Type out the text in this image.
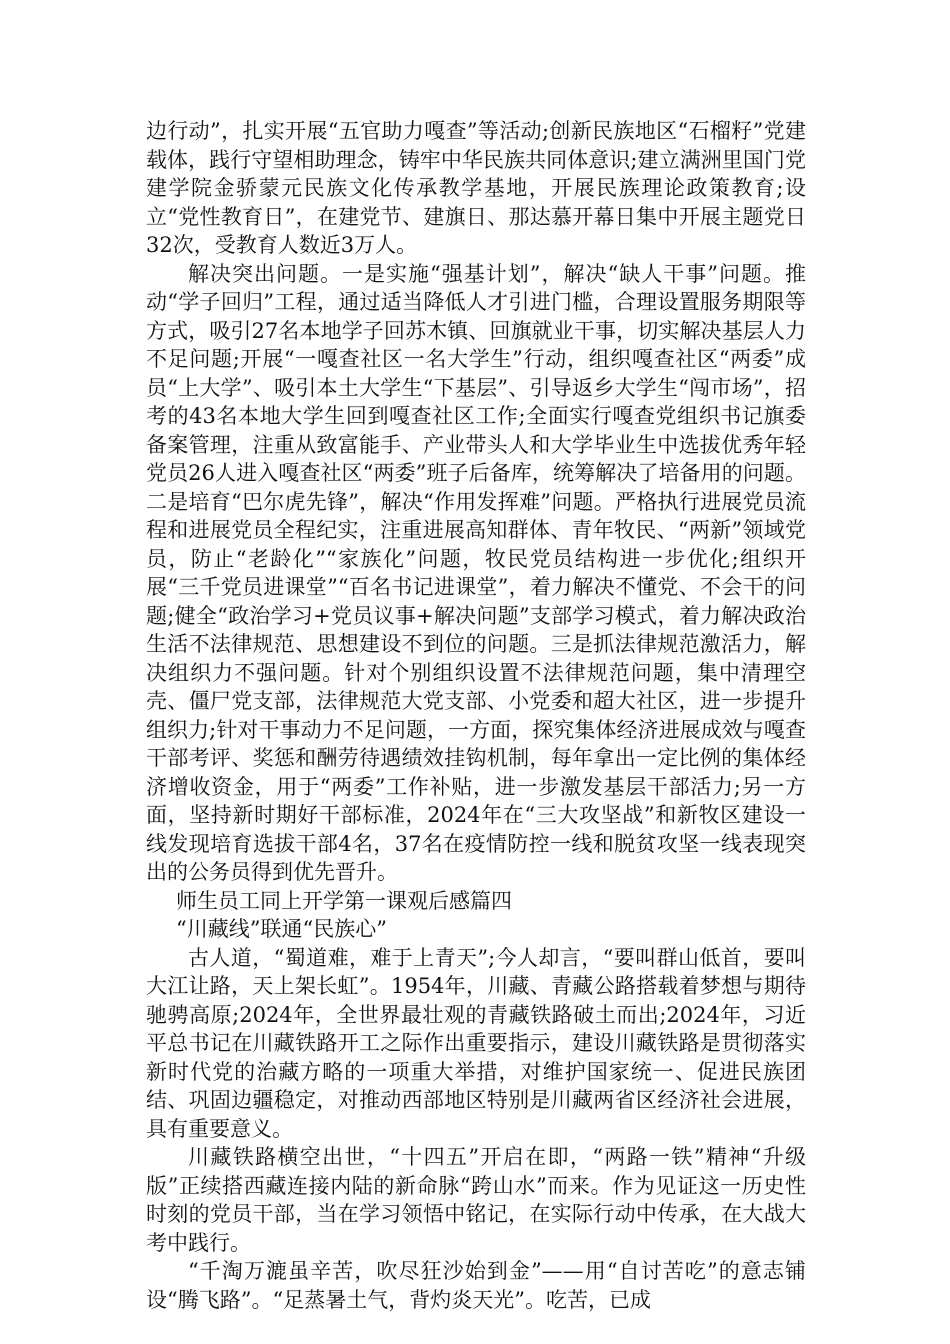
边行动”，扎实开展“五官助力嘎查”等活动;创新民族地区“石榴籽”党建载体，践行守望相助理念，铸牢中华民族共同体意识;建立满洲里国门党建学院金骄蒙元民族文化传承教学基地，开展民族理论政策教育;设立“党性教育日”，在建党节、建旗日、那达慕开幕日集中开展主题党日32次，受教育人数近3万人。

解决突出问题。一是实施“强基计划”，解决“缺人干事”问题。推动“学子回归”工程，通过适当降低人才引进门槛，合理设置服务期限等方式，吸引27名本地学子回苏木镇、回旗就业干事，切实解决基层人力不足问题;开展“一嘎查社区一名大学生”行动，组织嘎查社区“两委”成员“上大学”、吸引本土大学生“下基层”、引导返乡大学生“闯市场”，招考的43名本地大学生回到嘎查社区工作;全面实行嘎查党组织书记旗委备案管理，注重从致富能手、产业带头人和大学毕业生中选拔优秀年轻党员26人进入嘎查社区“两委”班子后备库，统筹解决了培备用的问题。二是培育“巴尔虎先锋”，解决“作用发挥难”问题。严格执行进展党员流程和进展党员全程纪实，注重进展高知群体、青年牧民、“两新”领域党员，防止“老龄化”“家族化”问题，牧民党员结构进一步优化;组织开展“三千党员进课堂”“百名书记进课堂”，着力解决不懂党、不会干的问题;健全“政治学习+党员议事+解决问题”支部学习模式，着力解决政治生活不法律规范、思想建设不到位的问题。三是抓法律规范激活力，解决组织力不强问题。针对个别组织设置不法律规范问题，集中清理空壳、僵尸党支部，法律规范大党支部、小党委和超大社区，进一步提升组织力;针对干事动力不足问题，一方面，探究集体经济进展成效与嘎查干部考评、奖惩和酬劳待遇绩效挂钩机制，每年拿出一定比例的集体经济增收资金，用于“两委”工作补贴，进一步激发基层干部活力;另一方面，坚持新时期好干部标准，2024年在“三大攻坚战”和新牧区建设一线发现培育选拔干部4名，37名在疫情防控一线和脱贫攻坚一线表现突出的公务员得到优先晋升。

师生员工同上开学第一课观后感篇四

“川藏线”联通“民族心”

古人道，“蜀道难，难于上青天”;今人却言，“要叫群山低首，要叫大江让路，天上架长虹”。1954年，川藏、青藏公路搭载着梦想与期待驰骋高原;2024年，全世界最壮观的青藏铁路破土而出;2024年，习近平总书记在川藏铁路开工之际作出重要指示，建设川藏铁路是贯彻落实新时代党的治藏方略的一项重大举措，对维护国家统一、促进民族团结、巩固边疆稳定，对推动西部地区特别是川藏两省区经济社会进展，具有重要意义。

川藏铁路横空出世，“十四五”开启在即，“两路一铁”精神“升级版”正续搭西藏连接内陆的新命脉“跨山水”而来。作为见证这一历史性时刻的党员干部，当在学习领悟中铭记，在实际行动中传承，在大战大考中践行。

“千淘万漉虽辛苦，吹尽狂沙始到金”——用“自讨苦吃”的意志铺设“腾飞路”。“足蒸暑土气，背灼炎天光”。吃苦，已成
